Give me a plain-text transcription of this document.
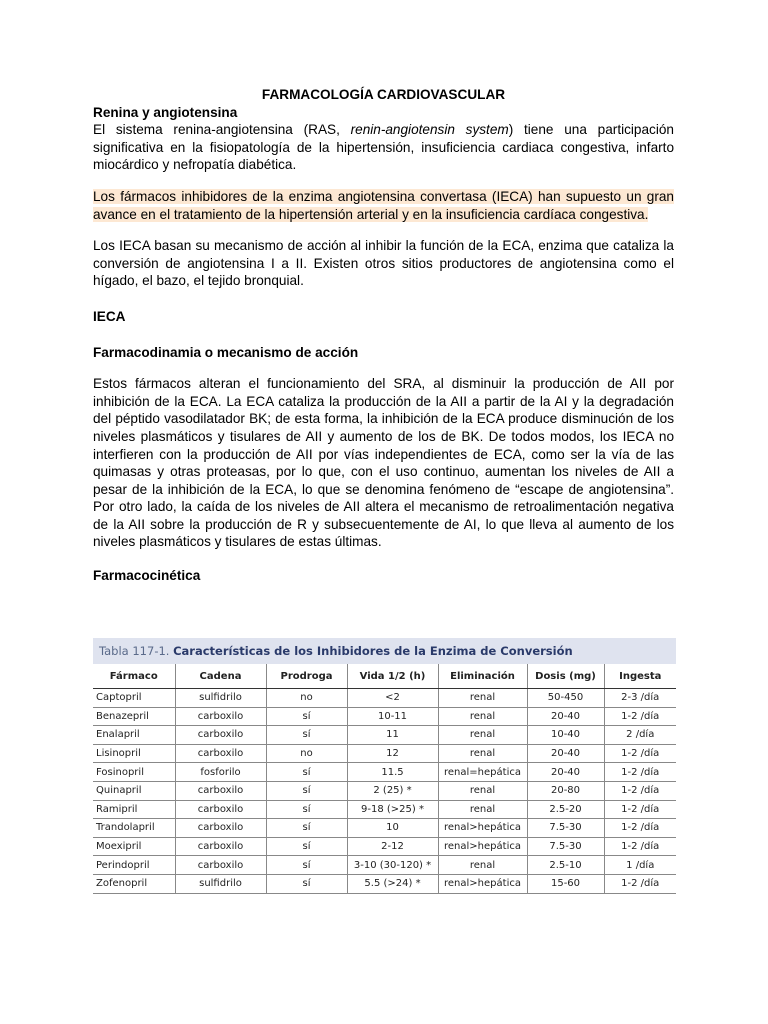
FARMACOLOGÍA CARDIOVASCULAR

Renina y angiotensina

El sistema renina-angiotensina (RAS, renin-angiotensin system) tiene una participación significativa en la fisiopatología de la hipertensión, insuficiencia cardiaca congestiva, infarto miocárdico y nefropatía diabética.

Los fármacos inhibidores de la enzima angiotensina convertasa (IECA) han supuesto un gran avance en el tratamiento de la hipertensión arterial y en la insuficiencia cardíaca congestiva.

Los IECA basan su mecanismo de acción al inhibir la función de la ECA, enzima que cataliza la conversión de angiotensina I a II. Existen otros sitios productores de angiotensina como el hígado, el bazo, el tejido bronquial.

IECA

Farmacodinamia o mecanismo de acción

Estos fármacos alteran el funcionamiento del SRA, al disminuir la producción de AII por inhibición de la ECA. La ECA cataliza la producción de la AII a partir de la AI y la degradación del péptido vasodilatador BK; de esta forma, la inhibición de la ECA produce disminución de los niveles plasmáticos y tisulares de AII y aumento de los de BK. De todos modos, los IECA no interfieren con la producción de AII por vías independientes de ECA, como ser la vía de las quimasas y otras proteasas, por lo que, con el uso continuo, aumentan los niveles de AII a pesar de la inhibición de la ECA, lo que se denomina fenómeno de “escape de angiotensina”. Por otro lado, la caída de los niveles de AII altera el mecanismo de retroalimentación negativa de la AII sobre la producción de R y subsecuentemente de AI, lo que lleva al aumento de los niveles plasmáticos y tisulares de estas últimas.

Farmacocinética

Tabla 117-1. Características de los Inhibidores de la Enzima de Conversión
Fármaco	Cadena	Prodroga	Vida 1/2 (h)	Eliminación	Dosis (mg)	Ingesta
Captopril	sulfidrilo	no	<2	renal	50-450	2-3 /día
Benazepril	carboxilo	sí	10-11	renal	20-40	1-2 /día
Enalapril	carboxilo	sí	11	renal	10-40	2 /día
Lisinopril	carboxilo	no	12	renal	20-40	1-2 /día
Fosinopril	fosforilo	sí	11.5	renal=hepática	20-40	1-2 /día
Quinapril	carboxilo	sí	2 (25) *	renal	20-80	1-2 /día
Ramipril	carboxilo	sí	9-18 (>25) *	renal	2.5-20	1-2 /día
Trandolapril	carboxilo	sí	10	renal>hepática	7.5-30	1-2 /día
Moexipril	carboxilo	sí	2-12	renal>hepática	7.5-30	1-2 /día
Perindopril	carboxilo	sí	3-10 (30-120) *	renal	2.5-10	1 /día
Zofenopril	sulfidrilo	sí	5.5 (>24) *	renal>hepática	15-60	1-2 /día
